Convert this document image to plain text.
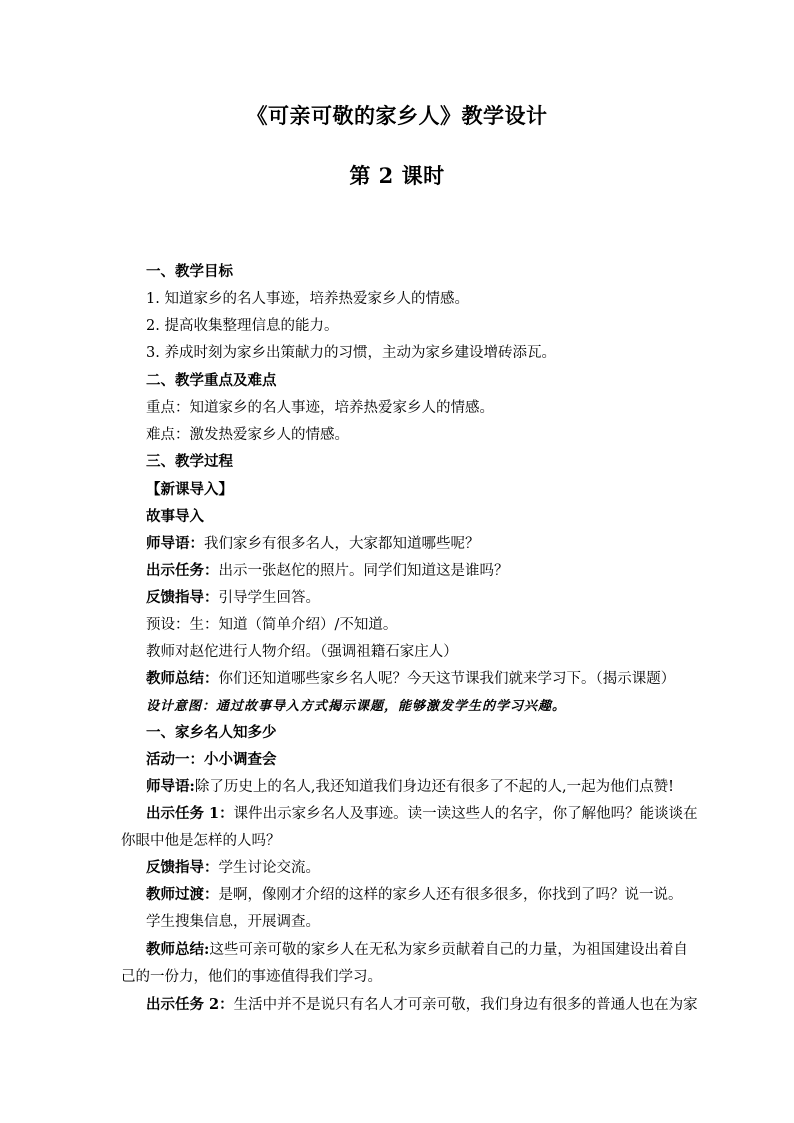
《可亲可敬的家乡人》教学设计
第 2 课时
一、教学目标
1. 知道家乡的名人事迹，培养热爱家乡人的情感。
2. 提高收集整理信息的能力。
3. 养成时刻为家乡出策献力的习惯，主动为家乡建设增砖添瓦。
二、教学重点及难点
重点：知道家乡的名人事迹，培养热爱家乡人的情感。
难点：激发热爱家乡人的情感。
三、教学过程
【新课导入】
故事导入
师导语：我们家乡有很多名人，大家都知道哪些呢？
出示任务：出示一张赵佗的照片。同学们知道这是谁吗？
反馈指导：引导学生回答。
预设：生：知道（简单介绍）/不知道。
教师对赵佗进行人物介绍。（强调祖籍石家庄人）
教师总结：你们还知道哪些家乡名人呢？今天这节课我们就来学习下。（揭示课题）
设计意图：通过故事导入方式揭示课题，能够激发学生的学习兴趣。
一、家乡名人知多少
活动一：小小调查会
师导语:除了历史上的名人,我还知道我们身边还有很多了不起的人,一起为他们点赞!
出示任务 1：课件出示家乡名人及事迹。读一读这些人的名字，你了解他吗？能谈谈在
你眼中他是怎样的人吗？
反馈指导：学生讨论交流。
教师过渡：是啊，像刚才介绍的这样的家乡人还有很多很多，你找到了吗？说一说。
学生搜集信息，开展调查。
教师总结:这些可亲可敬的家乡人在无私为家乡贡献着自己的力量，为祖国建设出着自
己的一份力，他们的事迹值得我们学习。
出示任务 2：生活中并不是说只有名人才可亲可敬，我们身边有很多的普通人也在为家
